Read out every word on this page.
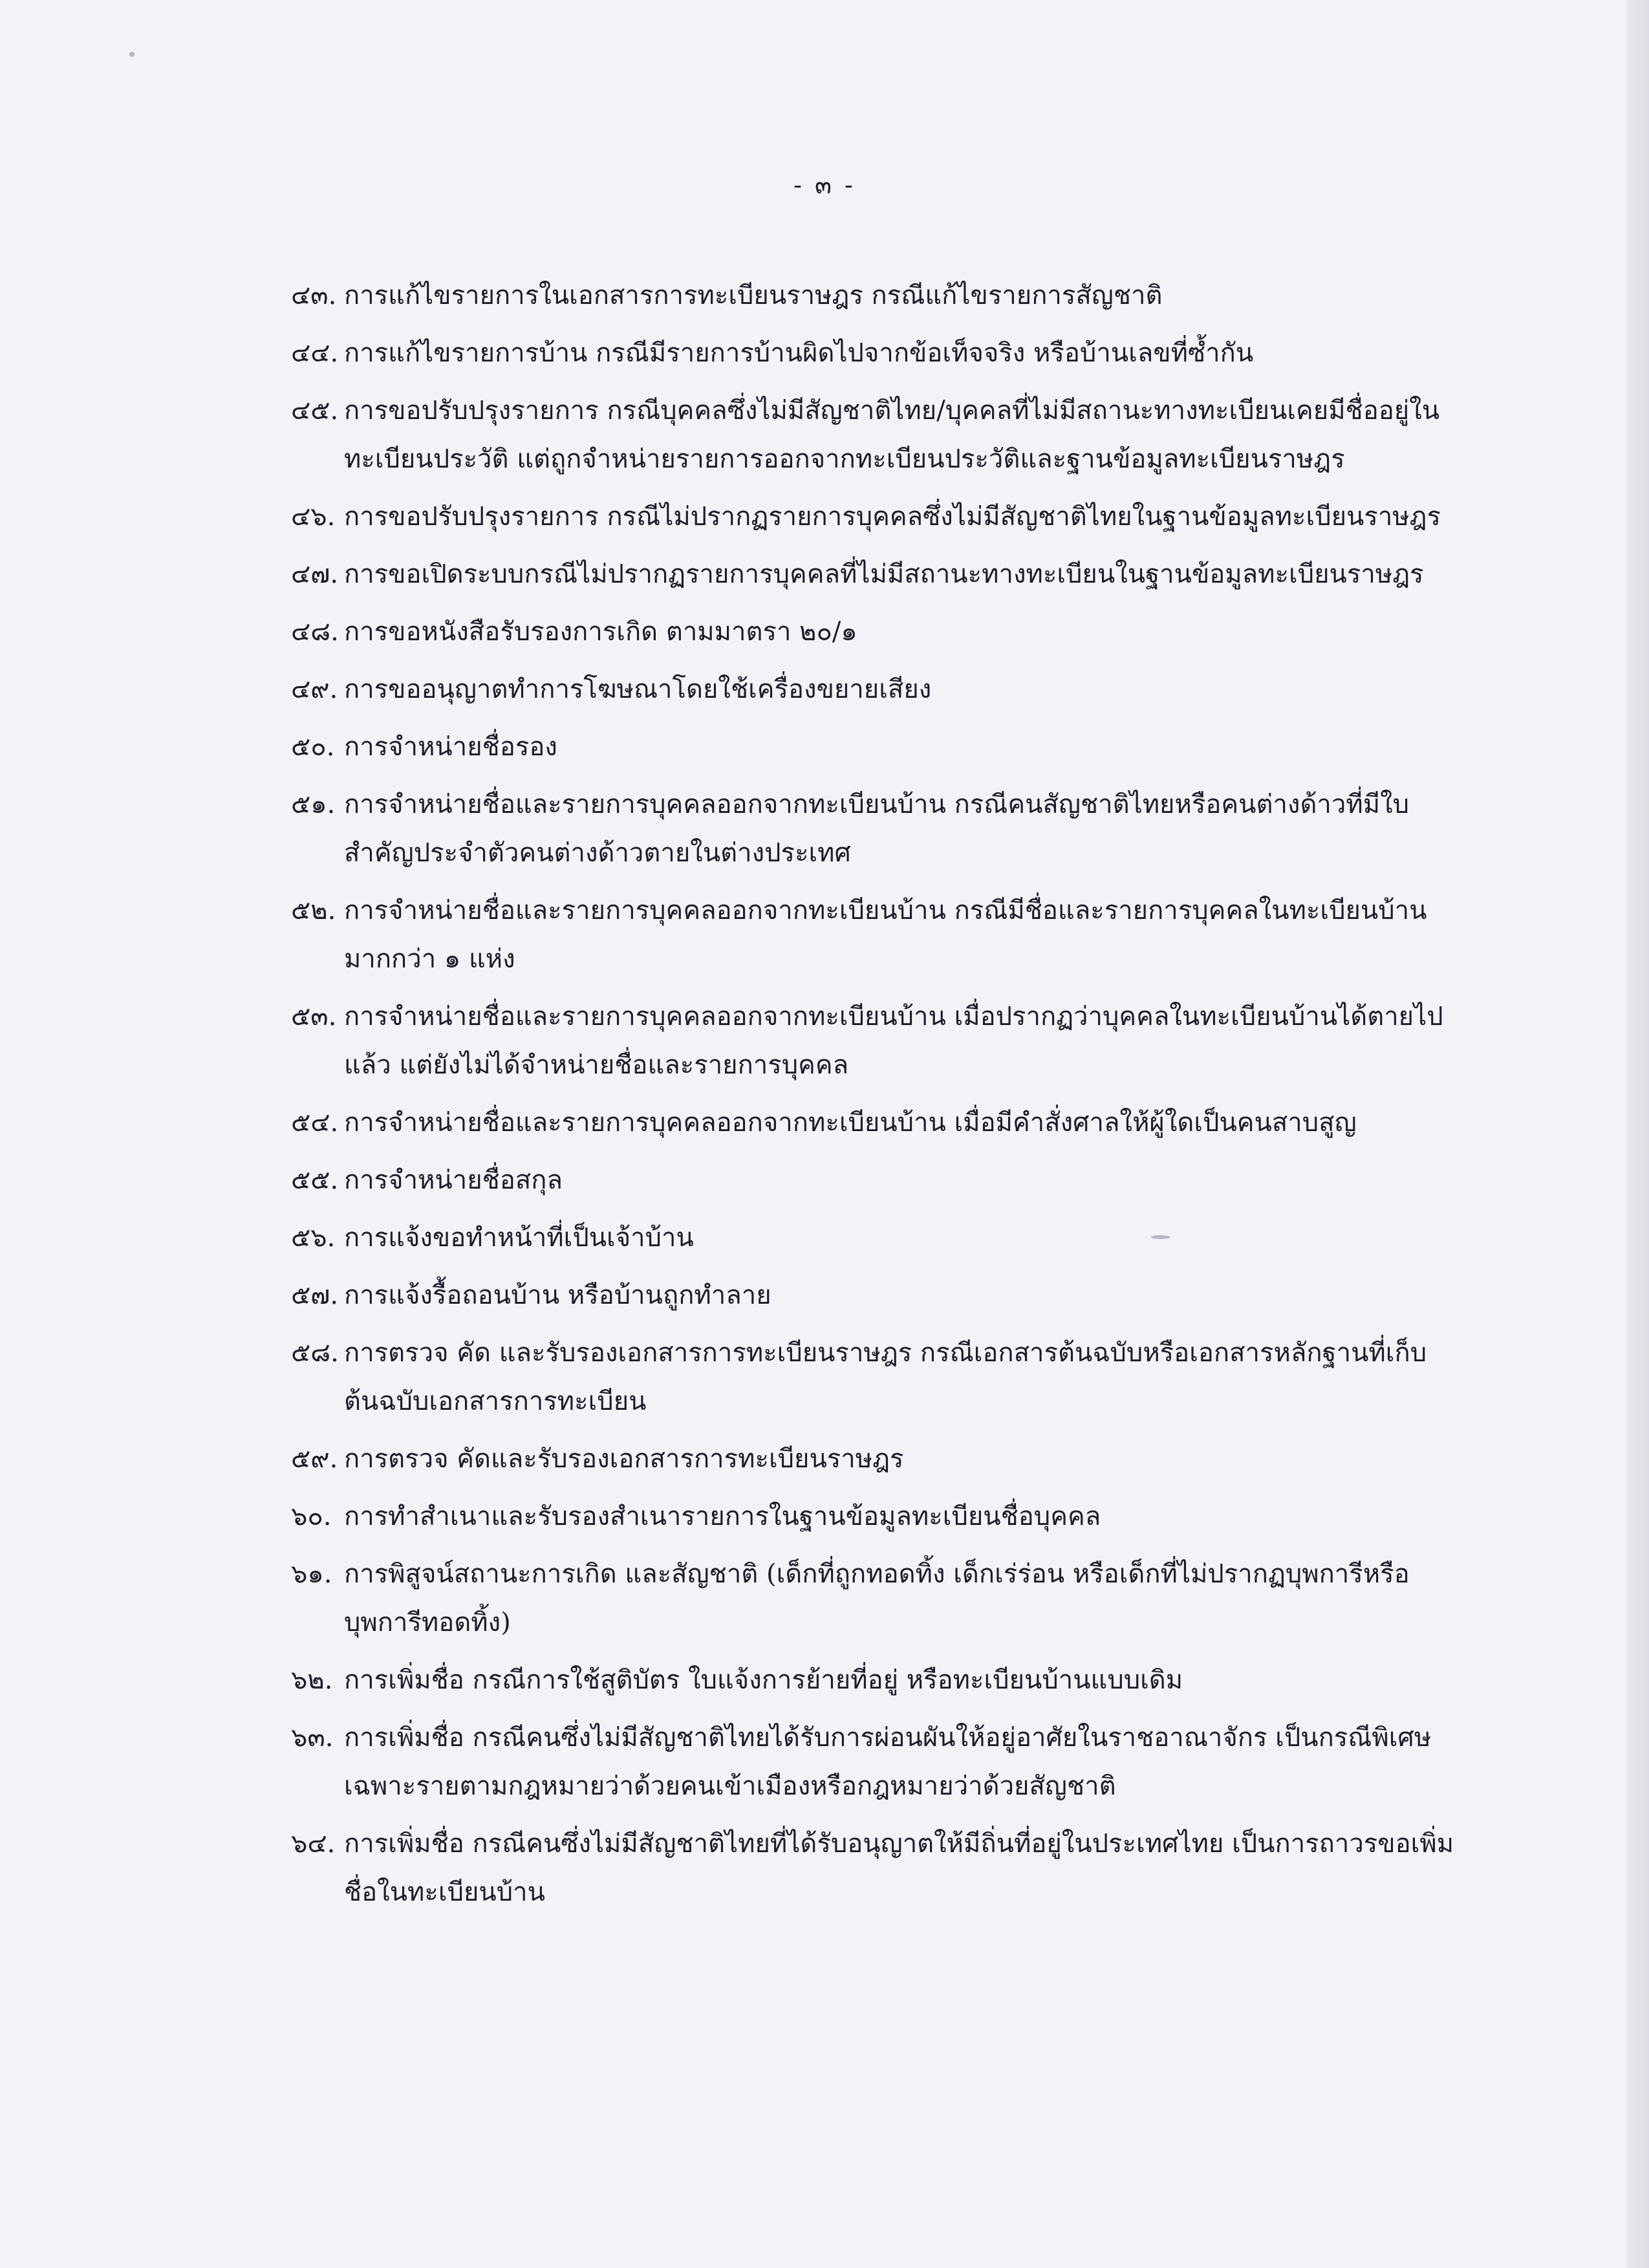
- ๓ -
๔๓. การแก้ไขรายการในเอกสารการทะเบียนราษฎร กรณีแก้ไขรายการสัญชาติ
๔๔. การแก้ไขรายการบ้าน กรณีมีรายการบ้านผิดไปจากข้อเท็จจริง หรือบ้านเลขที่ซ้ำกัน
๔๕. การขอปรับปรุงรายการ กรณีบุคคลซึ่งไม่มีสัญชาติไทย/บุคคลที่ไม่มีสถานะทางทะเบียนเคยมีชื่ออยู่ในทะเบียนประวัติ แต่ถูกจำหน่ายรายการออกจากทะเบียนประวัติและฐานข้อมูลทะเบียนราษฎร
๔๖. การขอปรับปรุงรายการ กรณีไม่ปรากฏรายการบุคคลซึ่งไม่มีสัญชาติไทยในฐานข้อมูลทะเบียนราษฎร
๔๗. การขอเปิดระบบกรณีไม่ปรากฏรายการบุคคลที่ไม่มีสถานะทางทะเบียนในฐานข้อมูลทะเบียนราษฎร
๔๘. การขอหนังสือรับรองการเกิด ตามมาตรา ๒๐/๑
๔๙. การขออนุญาตทำการโฆษณาโดยใช้เครื่องขยายเสียง
๕๐. การจำหน่ายชื่อรอง
๕๑. การจำหน่ายชื่อและรายการบุคคลออกจากทะเบียนบ้าน กรณีคนสัญชาติไทยหรือคนต่างด้าวที่มีใบสำคัญประจำตัวคนต่างด้าวตายในต่างประเทศ
๕๒. การจำหน่ายชื่อและรายการบุคคลออกจากทะเบียนบ้าน กรณีมีชื่อและรายการบุคคลในทะเบียนบ้านมากกว่า ๑ แห่ง
๕๓. การจำหน่ายชื่อและรายการบุคคลออกจากทะเบียนบ้าน เมื่อปรากฏว่าบุคคลในทะเบียนบ้านได้ตายไปแล้ว แต่ยังไม่ได้จำหน่ายชื่อและรายการบุคคล
๕๔. การจำหน่ายชื่อและรายการบุคคลออกจากทะเบียนบ้าน เมื่อมีคำสั่งศาลให้ผู้ใดเป็นคนสาบสูญ
๕๕. การจำหน่ายชื่อสกุล
๕๖. การแจ้งขอทำหน้าที่เป็นเจ้าบ้าน
๕๗. การแจ้งรื้อถอนบ้าน หรือบ้านถูกทำลาย
๕๘. การตรวจ คัด และรับรองเอกสารการทะเบียนราษฎร กรณีเอกสารต้นฉบับหรือเอกสารหลักฐานที่เก็บต้นฉบับเอกสารการทะเบียน
๕๙. การตรวจ คัดและรับรองเอกสารการทะเบียนราษฎร
๖๐. การทำสำเนาและรับรองสำเนารายการในฐานข้อมูลทะเบียนชื่อบุคคล
๖๑. การพิสูจน์สถานะการเกิด และสัญชาติ (เด็กที่ถูกทอดทิ้ง เด็กเร่ร่อน หรือเด็กที่ไม่ปรากฏบุพการีหรือบุพการีทอดทิ้ง)
๖๒. การเพิ่มชื่อ กรณีการใช้สูติบัตร ใบแจ้งการย้ายที่อยู่ หรือทะเบียนบ้านแบบเดิม
๖๓. การเพิ่มชื่อ กรณีคนซึ่งไม่มีสัญชาติไทยได้รับการผ่อนผันให้อยู่อาศัยในราชอาณาจักร เป็นกรณีพิเศษเฉพาะรายตามกฎหมายว่าด้วยคนเข้าเมืองหรือกฎหมายว่าด้วยสัญชาติ
๖๔. การเพิ่มชื่อ กรณีคนซึ่งไม่มีสัญชาติไทยที่ได้รับอนุญาตให้มีถิ่นที่อยู่ในประเทศไทย เป็นการถาวรขอเพิ่มชื่อในทะเบียนบ้าน
